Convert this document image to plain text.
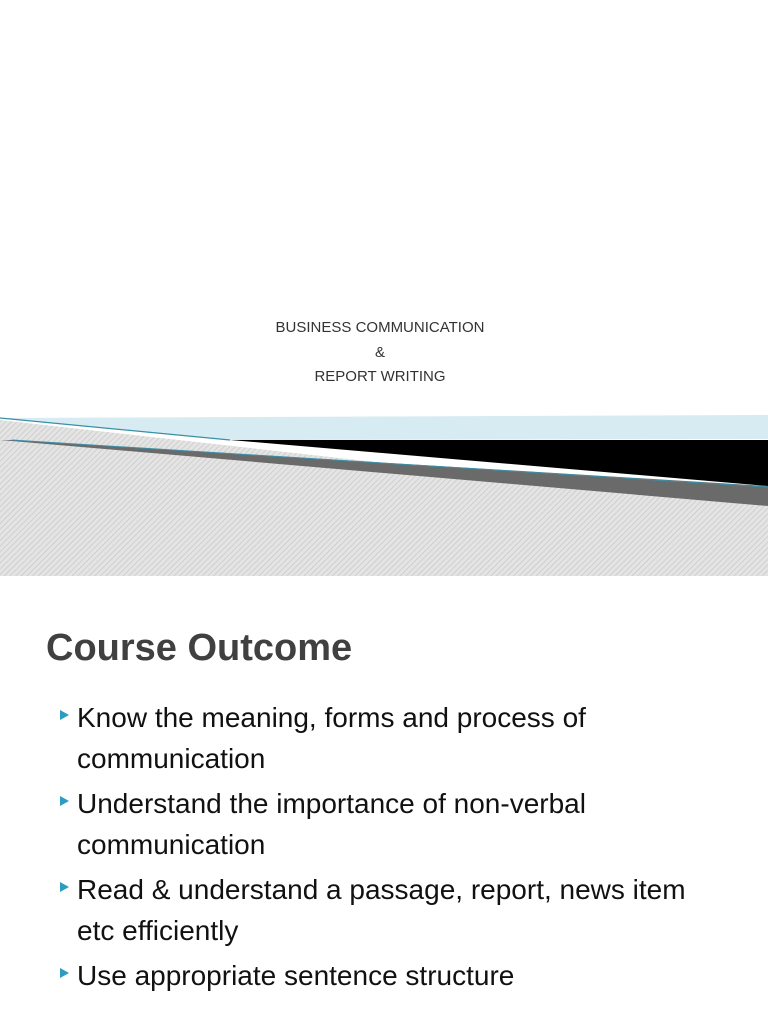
BUSINESS COMMUNICATION
&
REPORT WRITING
Course Outcome
Know the meaning, forms and process of communication
Understand the importance of non-verbal communication
Read & understand a passage, report, news item etc efficiently
Use appropriate sentence structure
